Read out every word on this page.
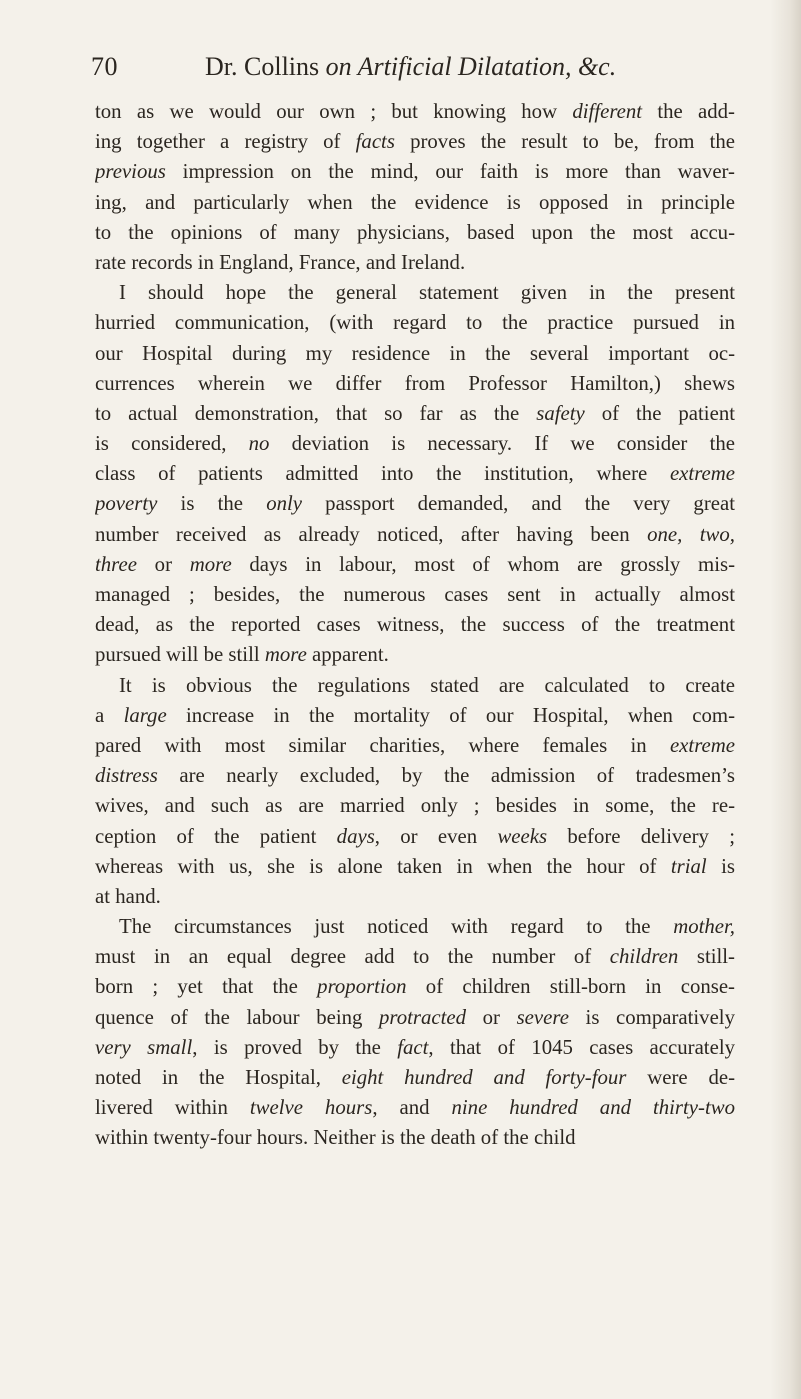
70	Dr. Collins on Artificial Dilatation, &c.
ton as we would our own ; but knowing how different the add-
ing together a registry of facts proves the result to be, from the
previous impression on the mind, our faith is more than waver-
ing, and particularly when the evidence is opposed in principle
to the opinions of many physicians, based upon the most accu-
rate records in England, France, and Ireland.
I should hope the general statement given in the present
hurried communication, (with regard to the practice pursued in
our Hospital during my residence in the several important oc-
currences wherein we differ from Professor Hamilton,) shews
to actual demonstration, that so far as the safety of the patient
is considered, no deviation is necessary. If we consider the
class of patients admitted into the institution, where extreme
poverty is the only passport demanded, and the very great
number received as already noticed, after having been one, two,
three or more days in labour, most of whom are grossly mis-
managed ; besides, the numerous cases sent in actually almost
dead, as the reported cases witness, the success of the treatment
pursued will be still more apparent.
It is obvious the regulations stated are calculated to create
a large increase in the mortality of our Hospital, when com-
pared with most similar charities, where females in extreme
distress are nearly excluded, by the admission of tradesmen’s
wives, and such as are married only ; besides in some, the re-
ception of the patient days, or even weeks before delivery ;
whereas with us, she is alone taken in when the hour of trial is
at hand.
The circumstances just noticed with regard to the mother,
must in an equal degree add to the number of children still-
born ; yet that the proportion of children still-born in conse-
quence of the labour being protracted or severe is comparatively
very small, is proved by the fact, that of 1045 cases accurately
noted in the Hospital, eight hundred and forty-four were de-
livered within twelve hours, and nine hundred and thirty-two
within twenty-four hours. Neither is the death of the child
